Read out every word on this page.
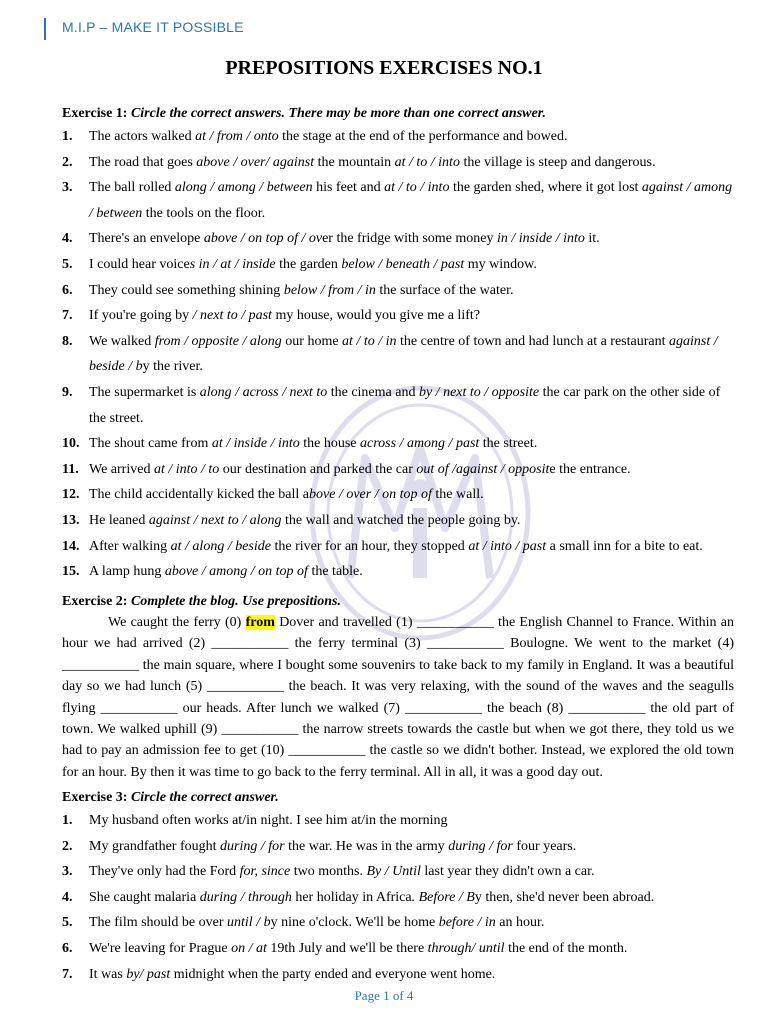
M.I.P – MAKE IT POSSIBLE
PREPOSITIONS EXERCISES NO.1
Exercise 1: Circle the correct answers. There may be more than one correct answer.
1. The actors walked at / from / onto the stage at the end of the performance and bowed.
2. The road that goes above / over/ against the mountain at / to / into the village is steep and dangerous.
3. The ball rolled along / among / between his feet and at / to / into the garden shed, where it got lost against / among / between the tools on the floor.
4. There's an envelope above / on top of / over the fridge with some money in / inside / into it.
5. I could hear voices in / at / inside the garden below / beneath / past my window.
6. They could see something shining below / from / in the surface of the water.
7. If you're going by / next to / past my house, would you give me a lift?
8. We walked from / opposite / along our home at / to / in the centre of town and had lunch at a restaurant against / beside / by the river.
9. The supermarket is along / across / next to the cinema and by / next to / opposite the car park on the other side of the street.
10. The shout came from at / inside / into the house across / among / past the street.
11. We arrived at / into / to our destination and parked the car out of /against / opposite the entrance.
12. The child accidentally kicked the ball above / over / on top of the wall.
13. He leaned against / next to / along the wall and watched the people going by.
14. After walking at / along / beside the river for an hour, they stopped at / into / past a small inn for a bite to eat.
15. A lamp hung above / among / on top of the table.
Exercise 2: Complete the blog. Use prepositions.
We caught the ferry (0) from Dover and travelled (1) ___________ the English Channel to France. Within an hour we had arrived (2) ___________ the ferry terminal (3) ___________ Boulogne. We went to the market (4) ___________ the main square, where I bought some souvenirs to take back to my family in England. It was a beautiful day so we had lunch (5) ___________ the beach. It was very relaxing, with the sound of the waves and the seagulls flying ___________ our heads. After lunch we walked (7) ___________ the beach (8) ___________ the old part of town. We walked uphill (9) ___________ the narrow streets towards the castle but when we got there, they told us we had to pay an admission fee to get (10) ___________ the castle so we didn't bother. Instead, we explored the old town for an hour. By then it was time to go back to the ferry terminal. All in all, it was a good day out.
Exercise 3: Circle the correct answer.
1. My husband often works at/in night. I see him at/in the morning
2. My grandfather fought during / for the war. He was in the army during / for four years.
3. They've only had the Ford for, since two months. By / Until last year they didn't own a car.
4. She caught malaria during / through her holiday in Africa. Before / By then, she'd never been abroad.
5. The film should be over until / by nine o'clock. We'll be home before / in an hour.
6. We're leaving for Prague on / at 19th July and we'll be there through/ until the end of the month.
7. It was by/ past midnight when the party ended and everyone went home.
Page 1 of 4
